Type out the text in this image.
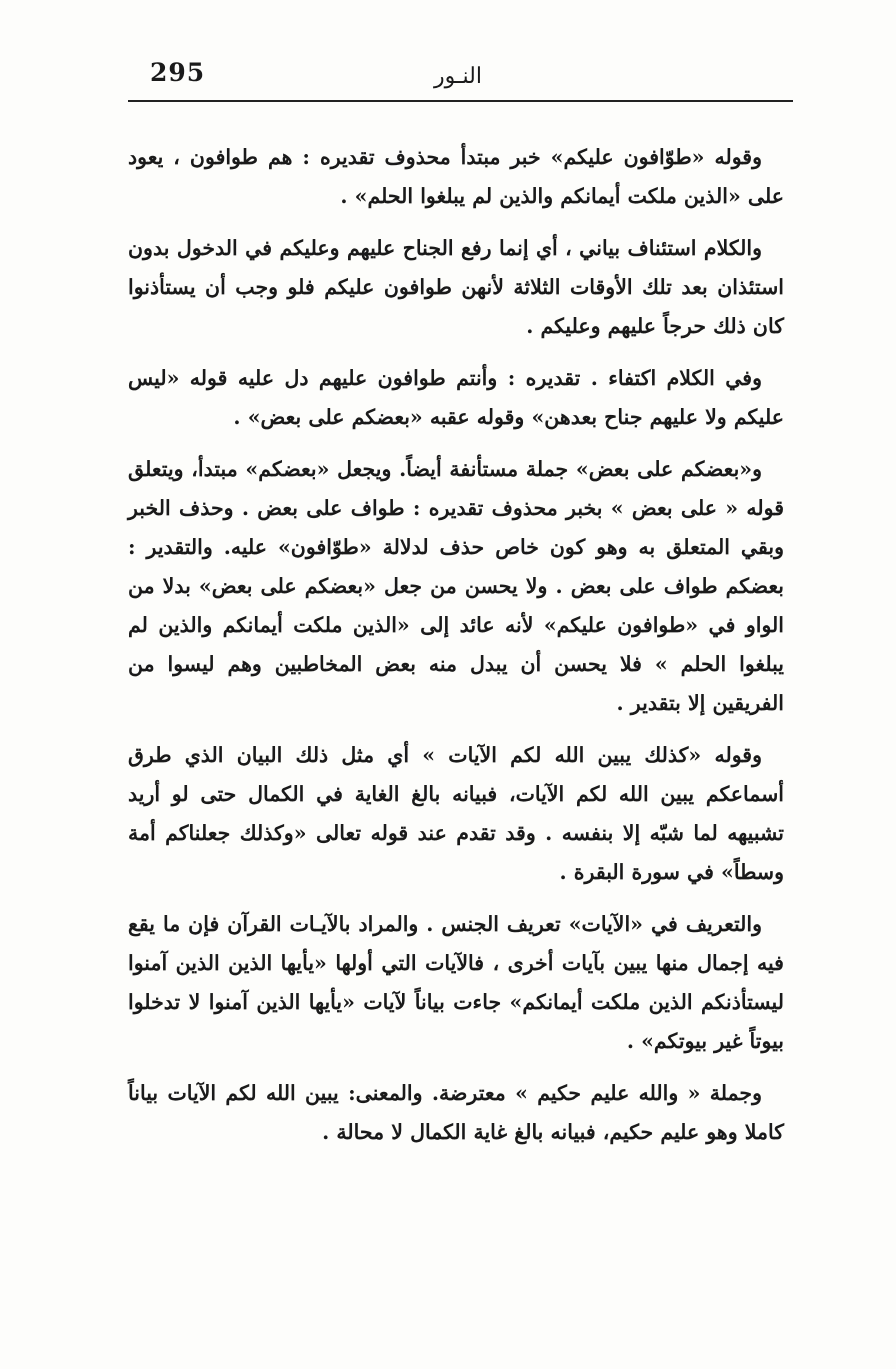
295	النـور

وقوله «طوّافون عليكم» خبر مبتدأ محذوف تقديره : هم طوافون ، يعود على «الذين ملكت أيمانكم والذين لم يبلغوا الحلم» .

والكلام استئناف بياني ، أي إنما رفع الجناح عليهم وعليكم في الدخول بدون استئذان بعد تلك الأوقات الثلاثة لأنهن طوافون عليكم فلو وجب أن يستأذنوا كان ذلك حرجاً عليهم وعليكم .

وفي الكلام اكتفاء . تقديره : وأنتم طوافون عليهم دل عليه قوله «ليس عليكم ولا عليهم جناح بعدهن» وقوله عقبه «بعضكم على بعض» .

و«بعضكم على بعض» جملة مستأنفة أيضاً. ويجعل «بعضكم» مبتدأ، ويتعلق قوله « على بعض » بخبر محذوف تقديره : طواف على بعض . وحذف الخبر وبقي المتعلق به وهو كون خاص حذف لدلالة «طوّافون» عليه. والتقدير : بعضكم طواف على بعض . ولا يحسن من جعل «بعضكم على بعض» بدلا من الواو في «طوافون عليكم» لأنه عائد إلى «الذين ملكت أيمانكم والذين لم يبلغوا الحلم » فلا يحسن أن يبدل منه بعض المخاطبين وهم ليسوا من الفريقين إلا بتقدير .

وقوله «كذلك يبين الله لكم الآيات » أي مثل ذلك البيان الذي طرق أسماعكم يبين الله لكم الآيات، فبيانه بالغ الغاية في الكمال حتى لو أريد تشبيهه لما شبّه إلا بنفسه . وقد تقدم عند قوله تعالى «وكذلك جعلناكم أمة وسطاً» في سورة البقرة .

والتعريف في «الآيات» تعريف الجنس . والمراد بالآيـات القرآن فإن ما يقع فيه إجمال منها يبين بآيات أخرى ، فالآيات التي أولها «يأيها الذين الذين آمنوا ليستأذنكم الذين ملكت أيمانكم» جاءت بياناً لآيات «يأيها الذين آمنوا لا تدخلوا بيوتاً غير بيوتكم» .

وجملة « والله عليم حكيم » معترضة. والمعنى: يبين الله لكم الآيات بياناً كاملا وهو عليم حكيم، فبيانه بالغ غاية الكمال لا محالة .
